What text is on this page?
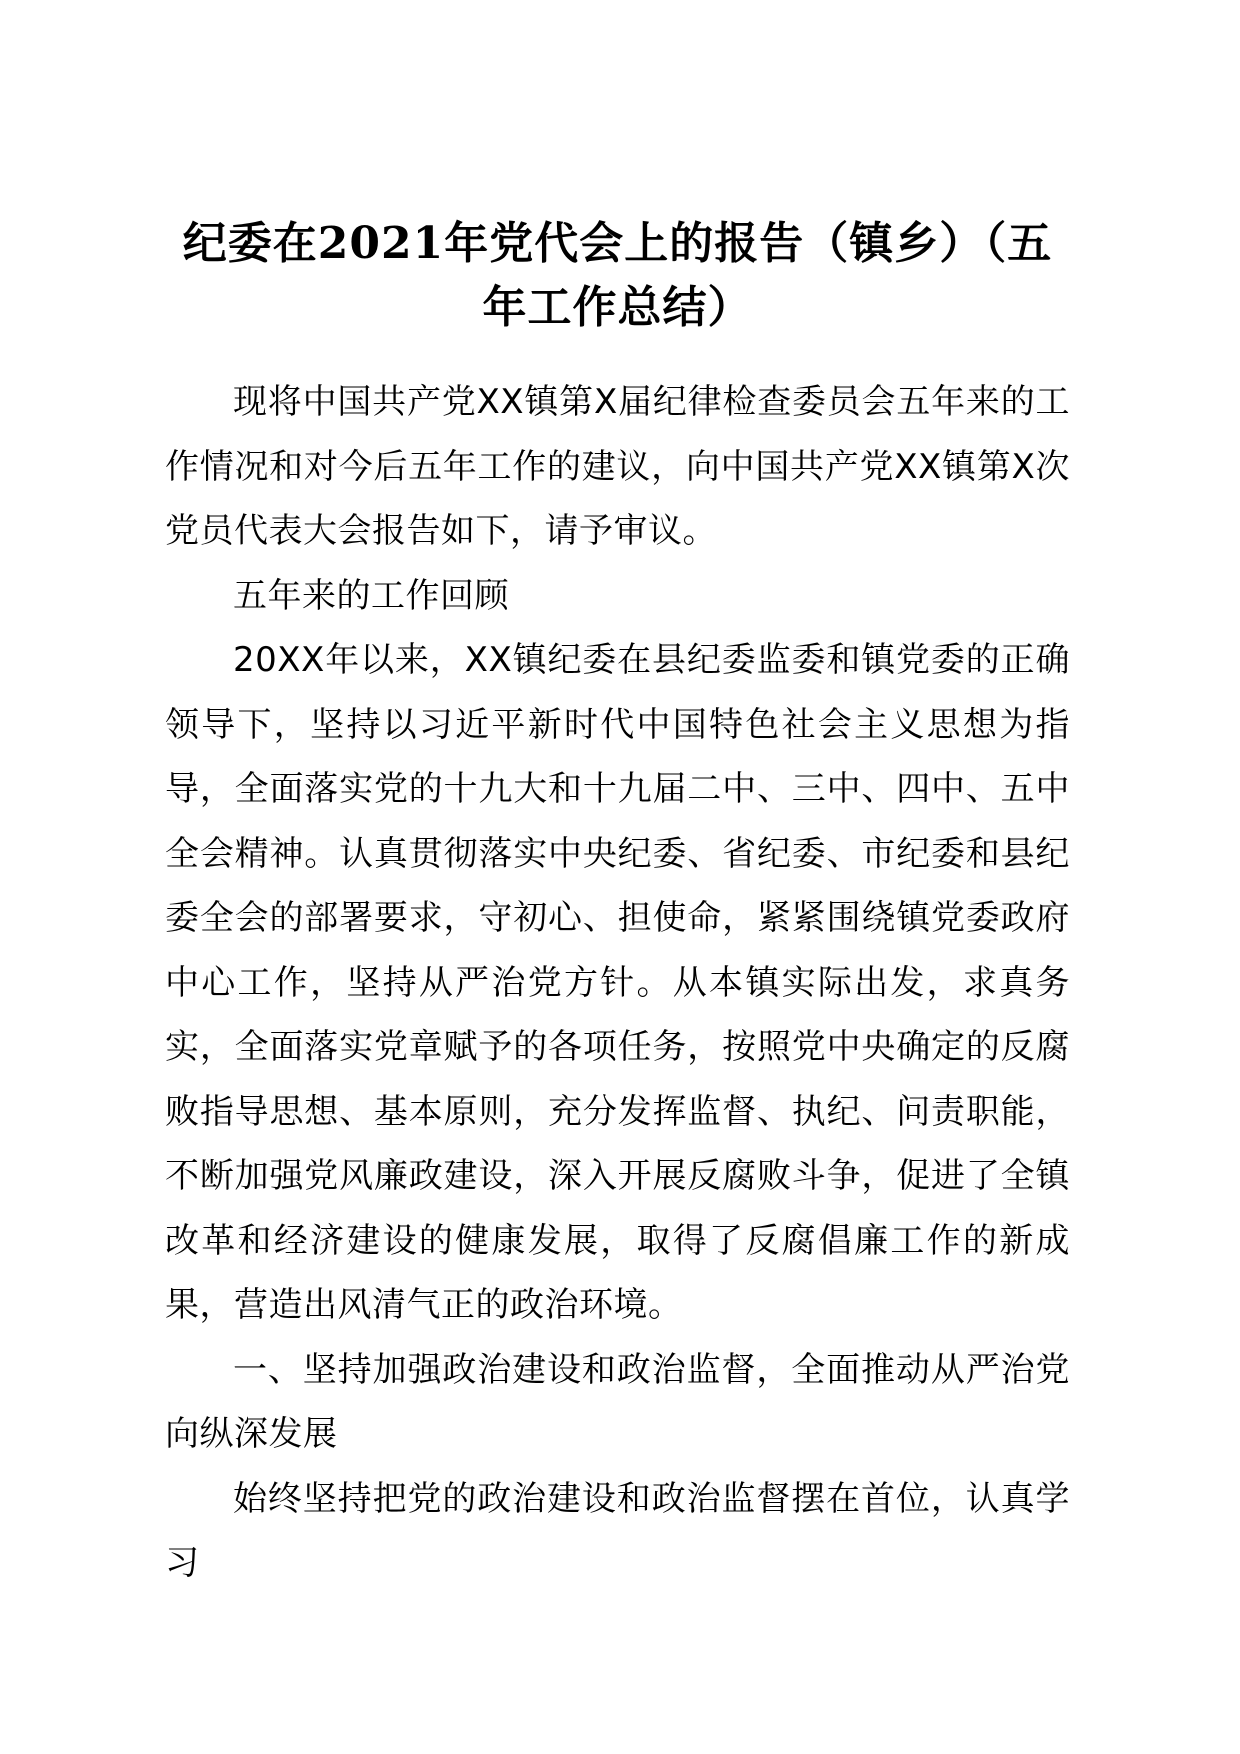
纪委在2021年党代会上的报告（镇乡）（五年工作总结）

现将中国共产党XX镇第X届纪律检查委员会五年来的工作情况和对今后五年工作的建议，向中国共产党XX镇第X次党员代表大会报告如下，请予审议。

五年来的工作回顾

20XX年以来，XX镇纪委在县纪委监委和镇党委的正确领导下，坚持以习近平新时代中国特色社会主义思想为指导，全面落实党的十九大和十九届二中、三中、四中、五中全会精神。认真贯彻落实中央纪委、省纪委、市纪委和县纪委全会的部署要求，守初心、担使命，紧紧围绕镇党委政府中心工作，坚持从严治党方针。从本镇实际出发，求真务实，全面落实党章赋予的各项任务，按照党中央确定的反腐败指导思想、基本原则，充分发挥监督、执纪、问责职能，不断加强党风廉政建设，深入开展反腐败斗争，促进了全镇改革和经济建设的健康发展，取得了反腐倡廉工作的新成果，营造出风清气正的政治环境。

一、坚持加强政治建设和政治监督，全面推动从严治党向纵深发展

始终坚持把党的政治建设和政治监督摆在首位，认真学习
